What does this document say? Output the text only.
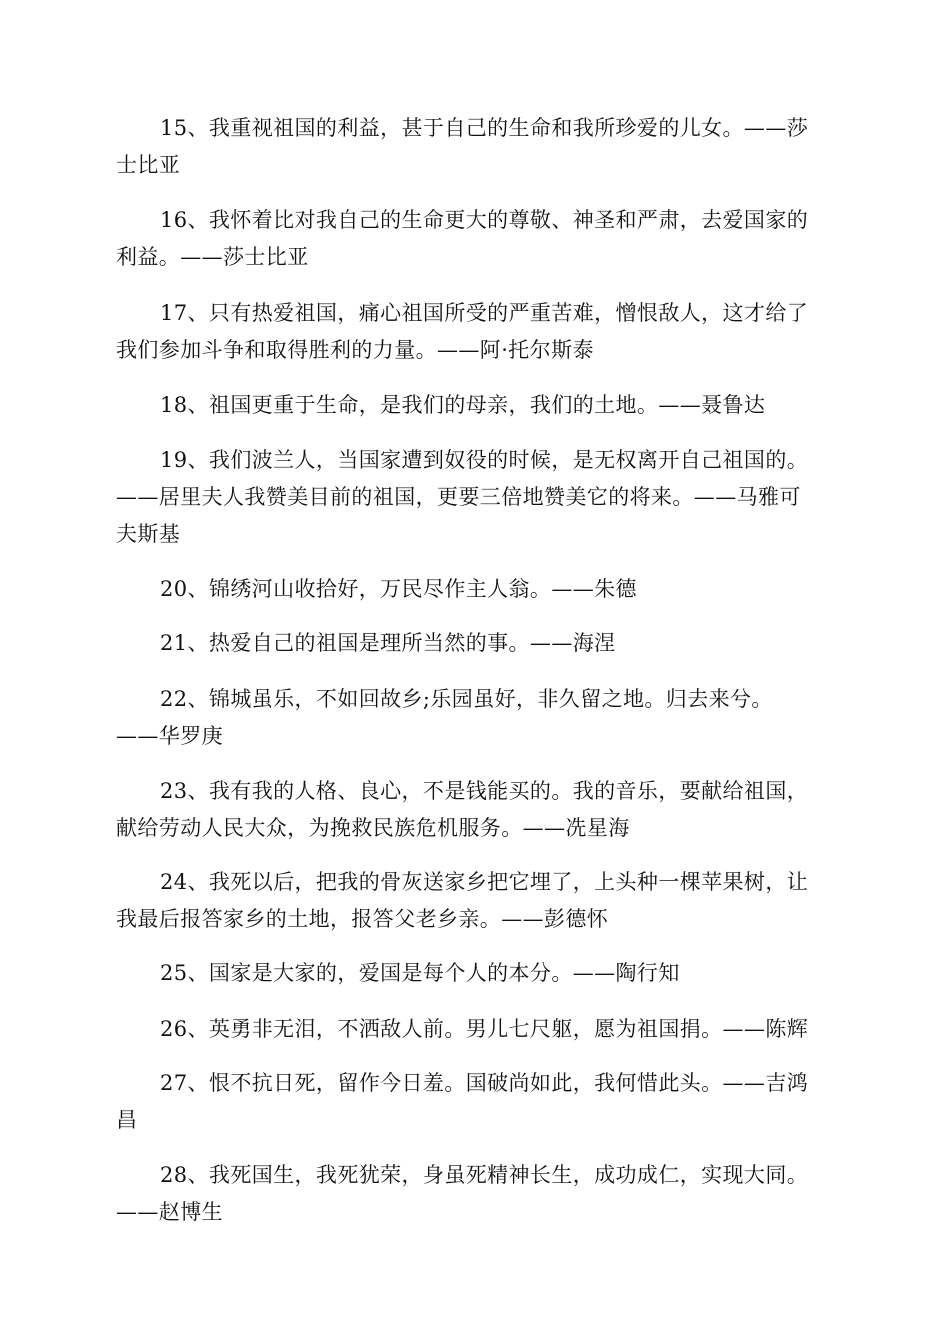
15、我重视祖国的利益，甚于自己的生命和我所珍爱的儿女。——莎
士比亚
16、我怀着比对我自己的生命更大的尊敬、神圣和严肃，去爱国家的
利益。——莎士比亚
17、只有热爱祖国，痛心祖国所受的严重苦难，憎恨敌人，这才给了
我们参加斗争和取得胜利的力量。——阿·托尔斯泰
18、祖国更重于生命，是我们的母亲，我们的土地。——聂鲁达
19、我们波兰人，当国家遭到奴役的时候，是无权离开自己祖国的。
——居里夫人我赞美目前的祖国，更要三倍地赞美它的将来。——马雅可
夫斯基
20、锦绣河山收拾好，万民尽作主人翁。——朱德
21、热爱自己的祖国是理所当然的事。——海涅
22、锦城虽乐，不如回故乡;乐园虽好，非久留之地。归去来兮。
——华罗庚
23、我有我的人格、良心，不是钱能买的。我的音乐，要献给祖国，
献给劳动人民大众，为挽救民族危机服务。——冼星海
24、我死以后，把我的骨灰送家乡把它埋了，上头种一棵苹果树，让
我最后报答家乡的土地，报答父老乡亲。——彭德怀
25、国家是大家的，爱国是每个人的本分。——陶行知
26、英勇非无泪，不洒敌人前。男儿七尺躯，愿为祖国捐。——陈辉
27、恨不抗日死，留作今日羞。国破尚如此，我何惜此头。——吉鸿
昌
28、我死国生，我死犹荣，身虽死精神长生，成功成仁，实现大同。
——赵博生
